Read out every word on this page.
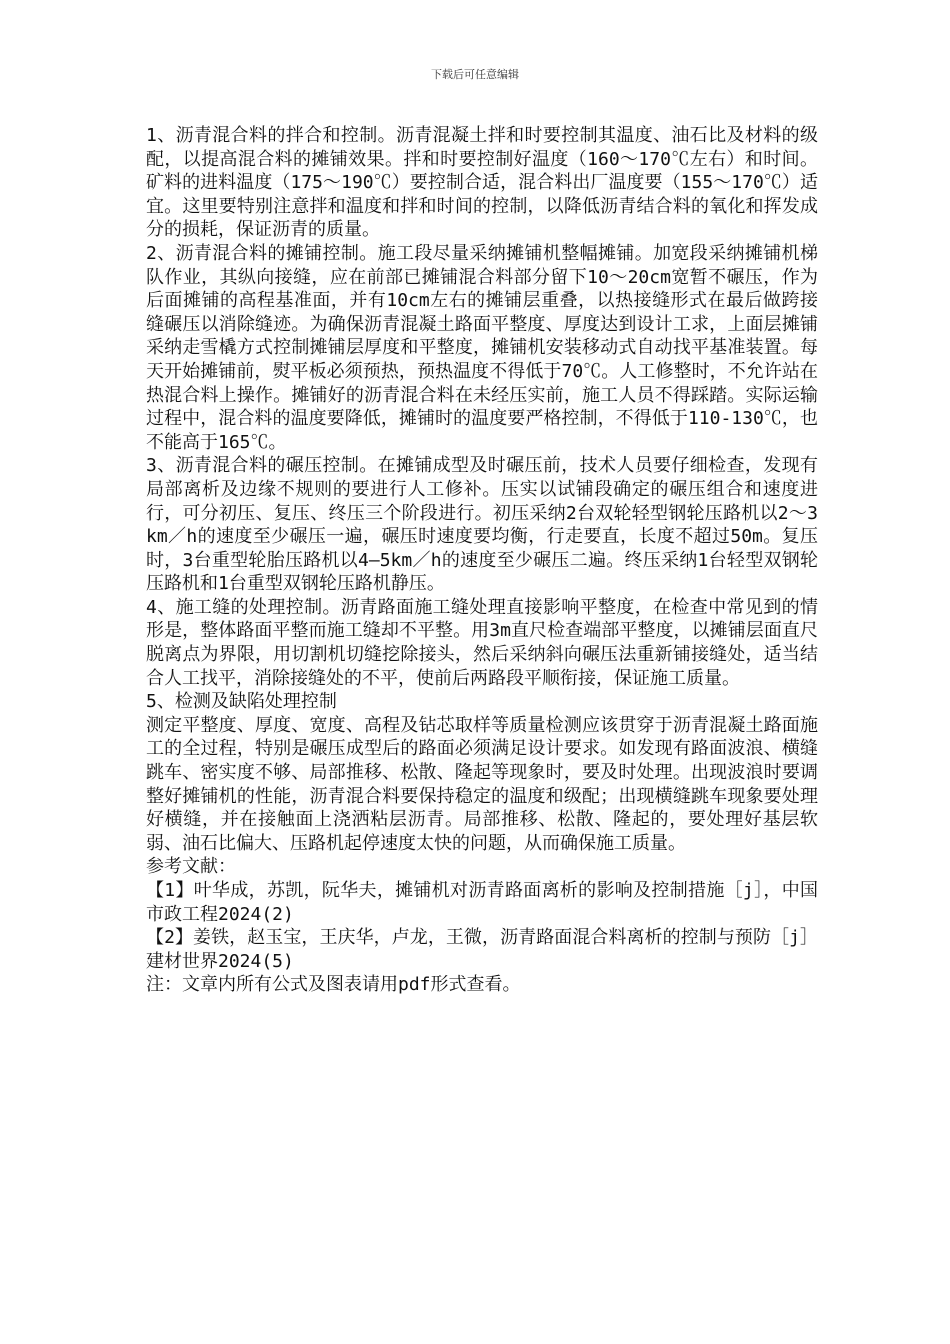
下载后可任意编辑

1、沥青混合料的拌合和控制。沥青混凝土拌和时要控制其温度、油石比及材料的级配，以提高混合料的摊铺效果。拌和时要控制好温度（160～170℃左右）和时间。矿料的进料温度（175～190℃）要控制合适，混合料出厂温度要（155～170℃）适宜。这里要特别注意拌和温度和拌和时间的控制，以降低沥青结合料的氧化和挥发成分的损耗，保证沥青的质量。

2、沥青混合料的摊铺控制。施工段尽量采纳摊铺机整幅摊铺。加宽段采纳摊铺机梯队作业，其纵向接缝，应在前部已摊铺混合料部分留下10～20cm宽暂不碾压，作为后面摊铺的高程基准面，并有10cm左右的摊铺层重叠，以热接缝形式在最后做跨接缝碾压以消除缝迹。为确保沥青混凝土路面平整度、厚度达到设计工求，上面层摊铺采纳走雪橇方式控制摊铺层厚度和平整度，摊铺机安装移动式自动找平基准装置。每天开始摊铺前，熨平板必须预热，预热温度不得低于70℃。人工修整时，不允许站在热混合料上操作。摊铺好的沥青混合料在未经压实前，施工人员不得踩踏。实际运输过程中，混合料的温度要降低，摊铺时的温度要严格控制，不得低于110-130℃，也不能高于165℃。

3、沥青混合料的碾压控制。在摊铺成型及时碾压前，技术人员要仔细检查，发现有局部离析及边缘不规则的要进行人工修补。压实以试铺段确定的碾压组合和速度进行，可分初压、复压、终压三个阶段进行。初压采纳2台双轮轻型钢轮压路机以2～3km／h的速度至少碾压一遍，碾压时速度要均衡，行走要直，长度不超过50m。复压时，3台重型轮胎压路机以4—5km／h的速度至少碾压二遍。终压采纳1台轻型双钢轮压路机和1台重型双钢轮压路机静压。

4、施工缝的处理控制。沥青路面施工缝处理直接影响平整度，在检查中常见到的情形是，整体路面平整而施工缝却不平整。用3m直尺检查端部平整度，以摊铺层面直尺脱离点为界限，用切割机切缝挖除接头，然后采纳斜向碾压法重新铺接缝处，适当结合人工找平，消除接缝处的不平，使前后两路段平顺衔接，保证施工质量。

5、检测及缺陷处理控制

测定平整度、厚度、宽度、高程及钻芯取样等质量检测应该贯穿于沥青混凝土路面施工的全过程，特别是碾压成型后的路面必须满足设计要求。如发现有路面波浪、横缝跳车、密实度不够、局部推移、松散、隆起等现象时，要及时处理。出现波浪时要调整好摊铺机的性能，沥青混合料要保持稳定的温度和级配；出现横缝跳车现象要处理好横缝，并在接触面上浇洒粘层沥青。局部推移、松散、隆起的，要处理好基层软弱、油石比偏大、压路机起停速度太快的问题，从而确保施工质量。

参考文献：

【1】叶华成，苏凯，阮华夫，摊铺机对沥青路面离析的影响及控制措施［j］，中国市政工程2024(2)

【2】姜铁，赵玉宝，王庆华，卢龙，王微，沥青路面混合料离析的控制与预防［j］建材世界2024(5)

注：文章内所有公式及图表请用pdf形式查看。
